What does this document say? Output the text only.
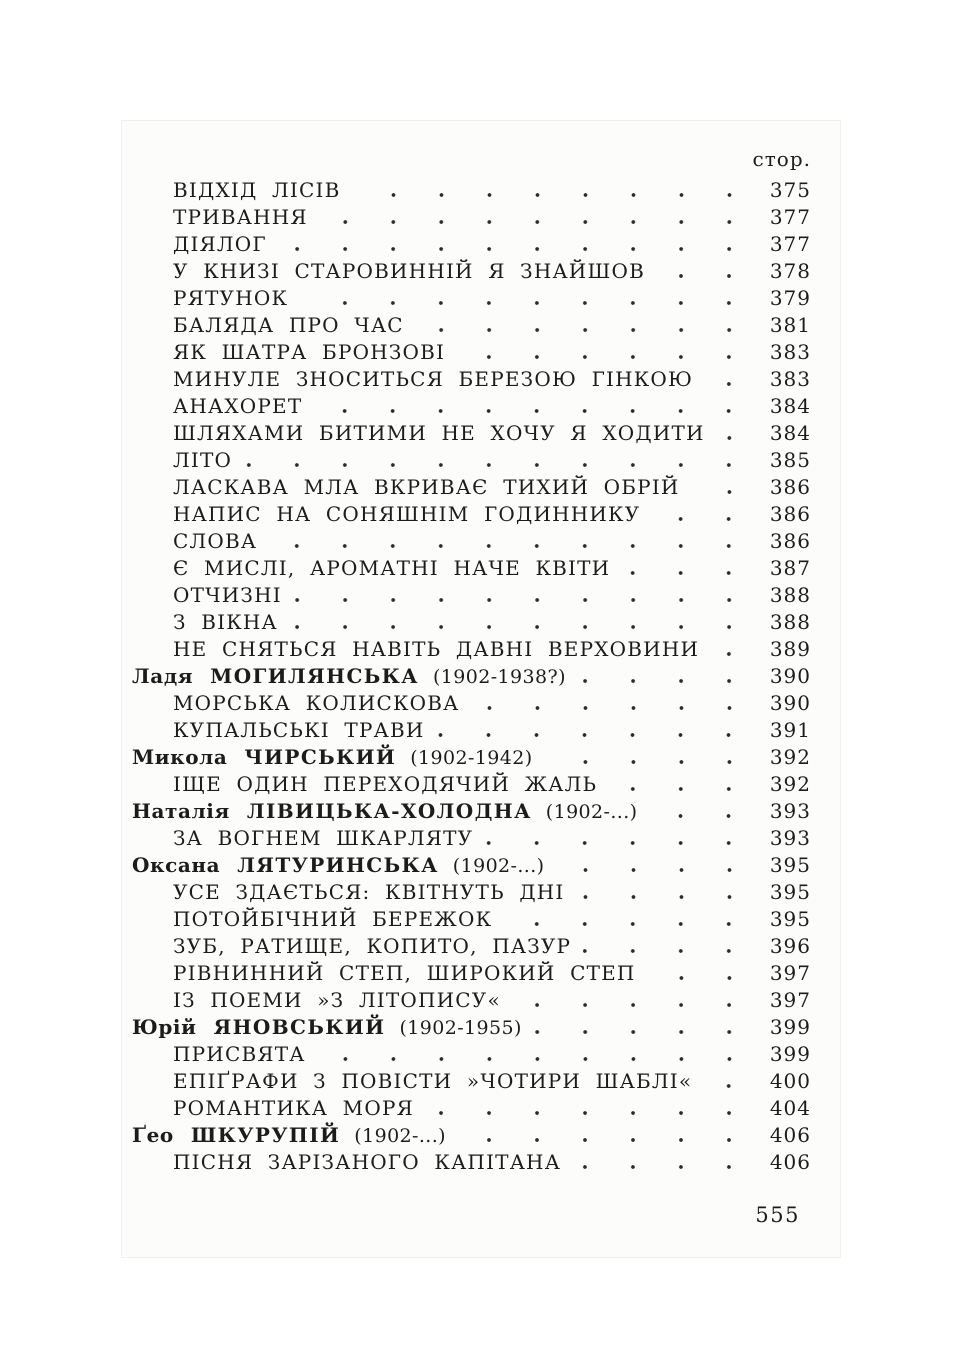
стор.
ВІДХІД ЛІСІВ	375
ТРИВАННЯ	377
ДІЯЛОГ	377
У КНИЗІ СТАРОВИННІЙ Я ЗНАЙШОВ	378
РЯТУНОК	379
БАЛЯДА ПРО ЧАС	381
ЯК ШАТРА БРОНЗОВІ	383
МИНУЛЕ ЗНОСИТЬСЯ БЕРЕЗОЮ ГІНКОЮ	383
АНАХОРЕТ	384
ШЛЯХАМИ БИТИМИ НЕ ХОЧУ Я ХОДИТИ	384
ЛІТО	385
ЛАСКАВА МЛА ВКРИВАЄ ТИХИЙ ОБРІЙ	386
НАПИС НА СОНЯШНІМ ГОДИННИКУ	386
СЛОВА	386
Є МИСЛІ, АРОМАТНІ НАЧЕ КВІТИ	387
ОТЧИЗНІ	388
З ВІКНА	388
НЕ СНЯТЬСЯ НАВІТЬ ДАВНІ ВЕРХОВИНИ	389
Ладя МОГИЛЯНСЬКА (1902-1938?)	390
МОРСЬКА КОЛИСКОВА	390
КУПАЛЬСЬКІ ТРАВИ	391
Микола ЧИРСЬКИЙ (1902-1942)	392
ІЩЕ ОДИН ПЕРЕХОДЯЧИЙ ЖАЛЬ	392
Наталія ЛІВИЦЬКА-ХОЛОДНА (1902-...)	393
ЗА ВОГНЕМ ШКАРЛЯТУ	393
Оксана ЛЯТУРИНСЬКА (1902-...)	395
УСЕ ЗДАЄТЬСЯ: КВІТНУТЬ ДНІ	395
ПОТОЙБІЧНИЙ БЕРЕЖОК	395
ЗУБ, РАТИЩЕ, КОПИТО, ПАЗУР	396
РІВНИННИЙ СТЕП, ШИРОКИЙ СТЕП	397
ІЗ ПОЕМИ »З ЛІТОПИСУ«	397
Юрій ЯНОВСЬКИЙ (1902-1955)	399
ПРИСВЯТА	399
ЕПІҐРАФИ З ПОВІСТИ »ЧОТИРИ ШАБЛІ«	400
РОМАНТИКА МОРЯ	404
Ґео ШКУРУПІЙ (1902-...)	406
ПІСНЯ ЗАРІЗАНОГО КАПІТАНА	406
555
